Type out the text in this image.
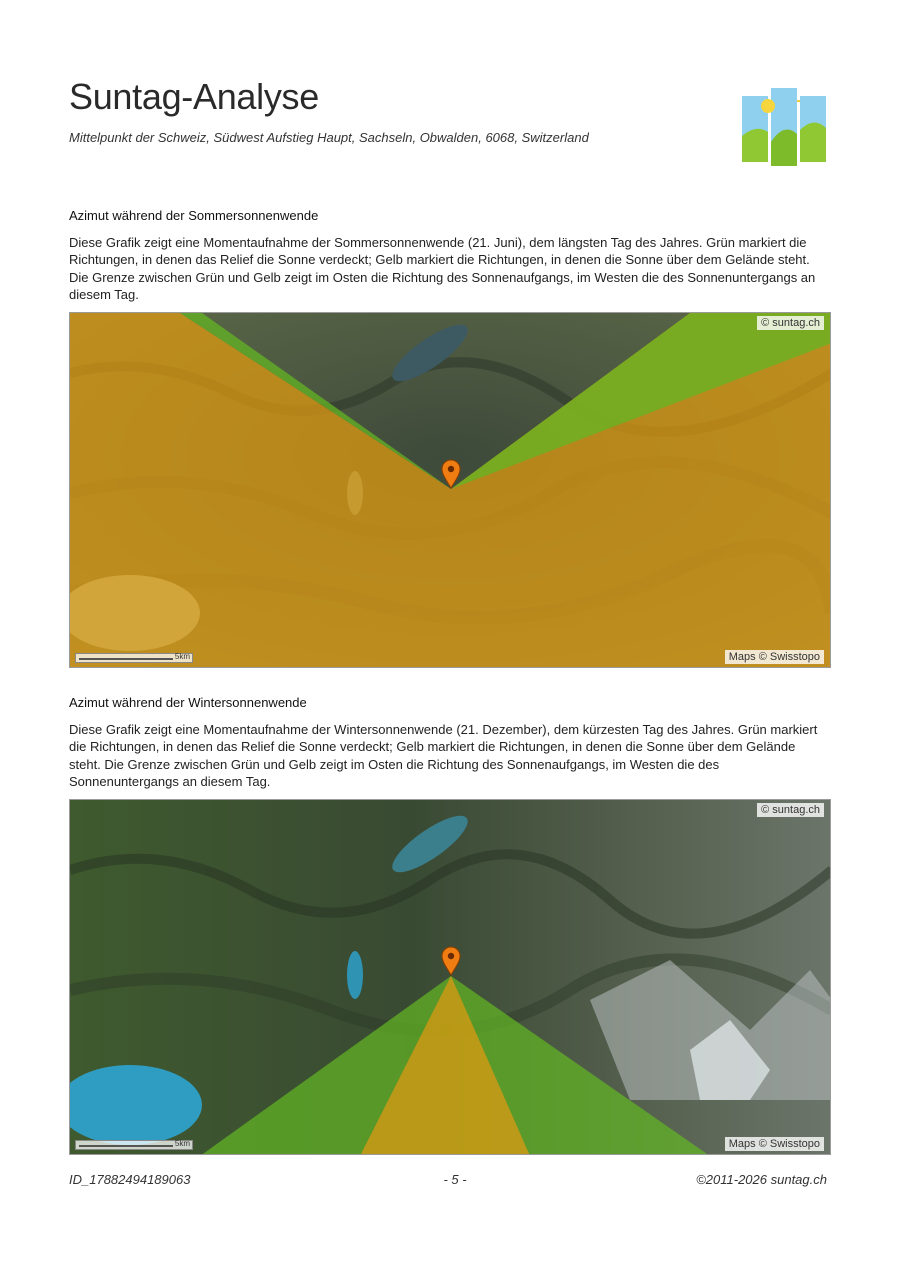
Suntag-Analyse
Mittelpunkt der Schweiz, Südwest Aufstieg Haupt, Sachseln, Obwalden, 6068, Switzerland
Azimut während der Sommersonnenwende
Diese Grafik zeigt eine Momentaufnahme der Sommersonnenwende (21. Juni), dem längsten Tag des Jahres. Grün markiert die Richtungen, in denen das Relief die Sonne verdeckt; Gelb markiert die Richtungen, in denen die Sonne über dem Gelände steht. Die Grenze zwischen Grün und Gelb zeigt im Osten die Richtung des Sonnenaufgangs, im Westen die des Sonnenuntergangs an diesem Tag.
© suntag.ch
Maps © Swisstopo
5km
Azimut während der Wintersonnenwende
Diese Grafik zeigt eine Momentaufnahme der Wintersonnenwende (21. Dezember), dem kürzesten Tag des Jahres. Grün markiert die Richtungen, in denen das Relief die Sonne verdeckt; Gelb markiert die Richtungen, in denen die Sonne über dem Gelände steht. Die Grenze zwischen Grün und Gelb zeigt im Osten die Richtung des Sonnenaufgangs, im Westen die des Sonnenuntergangs an diesem Tag.
© suntag.ch
Maps © Swisstopo
5km
ID_17882494189063	- 5 -	©2011-2026 suntag.ch
